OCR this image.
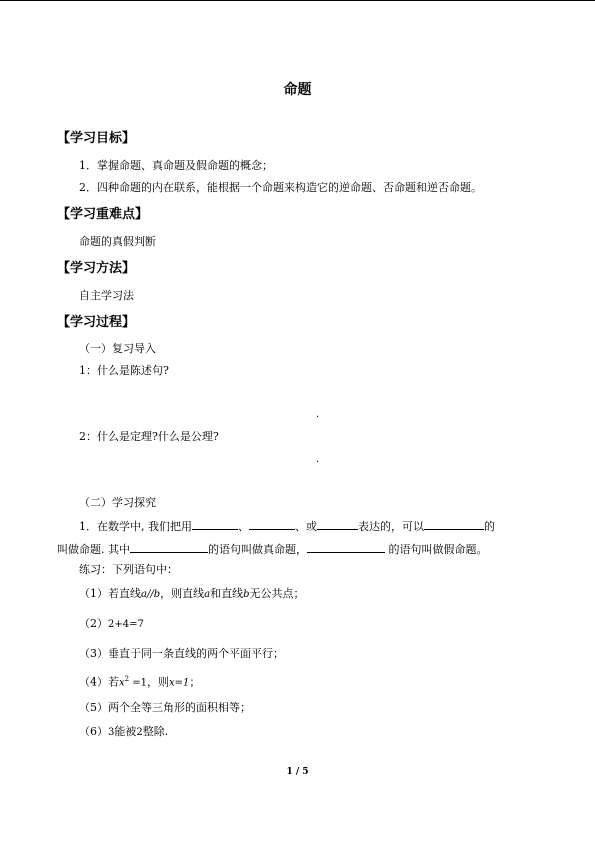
命题
【学习目标】
1．掌握命题、真命题及假命题的概念；
2．四种命题的内在联系，能根据一个命题来构造它的逆命题、否命题和逆否命题。
【学习重难点】
命题的真假判断
【学习方法】
自主学习法
【学习过程】
（一）复习导入
1：什么是陈述句?
.
2：什么是定理?什么是公理?
.
（二）学习探究
1．在数学中, 我们把用	、	、或	表达的，可以	的
叫做命题. 其中	的语句叫做真命题，	的语句叫做假命题。
练习：下列语句中：
（1）若直线a//b，则直线a和直线b无公共点；
（2）2+4=7
（3）垂直于同一条直线的两个平面平行；
（4）若$x^2 =1$，则x=1；
（5）两个全等三角形的面积相等；
（6）3能被2整除.
1 / 5
